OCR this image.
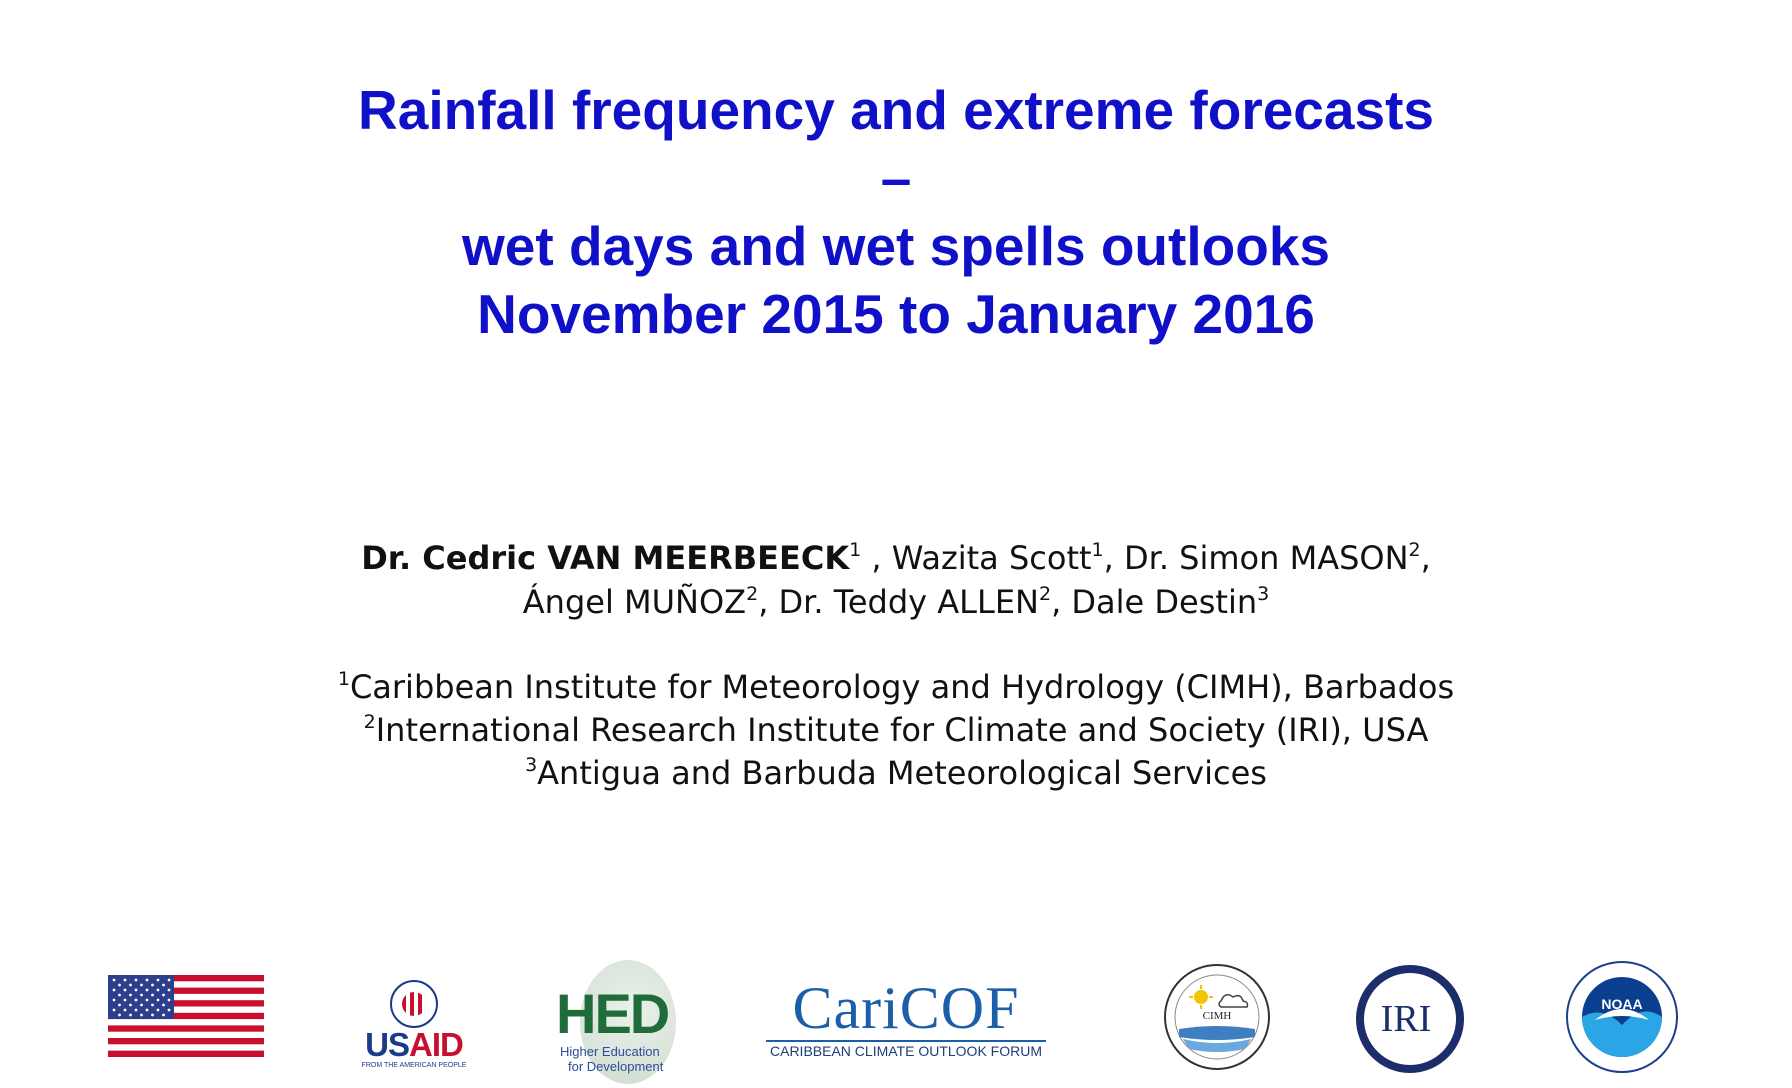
Rainfall frequency and extreme forecasts
–
wet days and wet spells outlooks
November 2015 to January 2016
Dr. Cedric VAN MEERBEECK$^1$ , Wazita Scott$^1$, Dr. Simon MASON$^2$,
Ángel MUÑOZ$^2$, Dr. Teddy ALLEN$^2$, Dale Destin$^3$
$^1$Caribbean Institute for Meteorology and Hydrology (CIMH), Barbados
$^2$International Research Institute for Climate and Society (IRI), USA
$^3$Antigua and Barbuda Meteorological Services
USAID
FROM THE AMERICAN PEOPLE
HED
Higher Education
for Development
CariCOF
CARIBBEAN CLIMATE OUTLOOK FORUM
CIMH	IRI	NOAA
